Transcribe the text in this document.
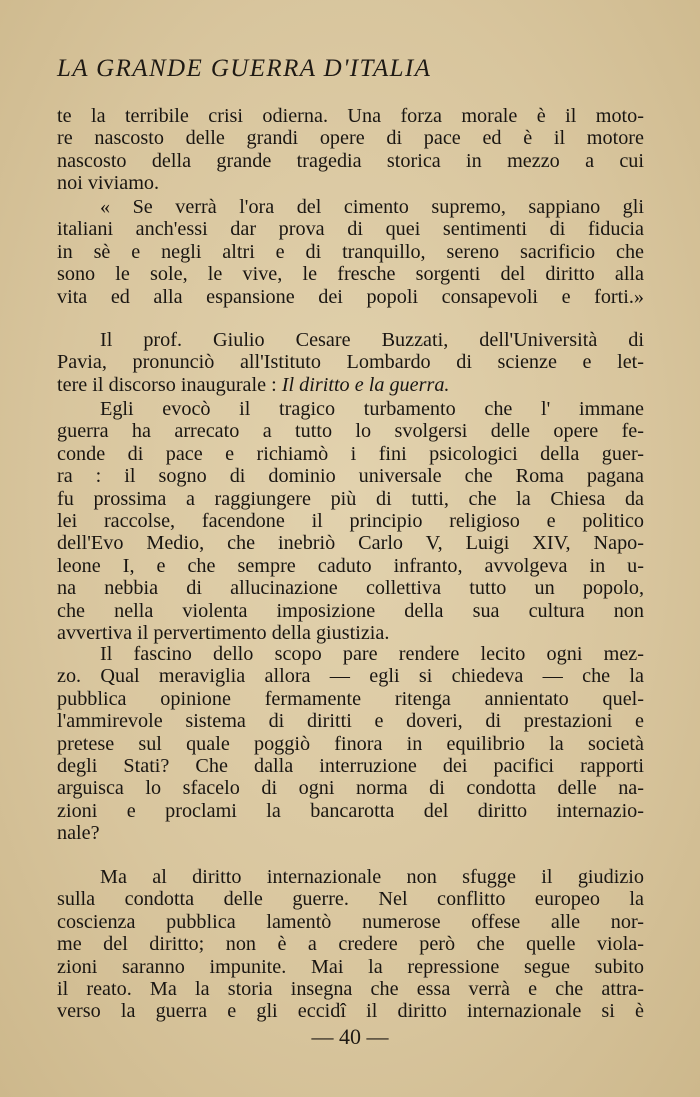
LA GRANDE GUERRA D'ITALIA
te la terribile crisi odierna. Una forza morale è il moto-
re nascosto delle grandi opere di pace ed è il motore
nascosto della grande tragedia storica in mezzo a cui
noi viviamo.
« Se verrà l'ora del cimento supremo, sappiano gli
italiani anch'essi dar prova di quei sentimenti di fiducia
in sè e negli altri e di tranquillo, sereno sacrificio che
sono le sole, le vive, le fresche sorgenti del diritto alla
vita ed alla espansione dei popoli consapevoli e forti.»
Il prof. Giulio Cesare Buzzati, dell'Università di
Pavia, pronunciò all'Istituto Lombardo di scienze e let-
tere il discorso inaugurale : Il diritto e la guerra.
Egli evocò il tragico turbamento che l' immane
guerra ha arrecato a tutto lo svolgersi delle opere fe-
conde di pace e richiamò i fini psicologici della guer-
ra : il sogno di dominio universale che Roma pagana
fu prossima a raggiungere più di tutti, che la Chiesa da
lei raccolse, facendone il principio religioso e politico
dell'Evo Medio, che inebriò Carlo V, Luigi XIV, Napo-
leone I, e che sempre caduto infranto, avvolgeva in u-
na nebbia di allucinazione collettiva tutto un popolo,
che nella violenta imposizione della sua cultura non
avvertiva il pervertimento della giustizia.
Il fascino dello scopo pare rendere lecito ogni mez-
zo. Qual meraviglia allora — egli si chiedeva — che la
pubblica opinione fermamente ritenga annientato quel-
l'ammirevole sistema di diritti e doveri, di prestazioni e
pretese sul quale poggiò finora in equilibrio la società
degli Stati? Che dalla interruzione dei pacifici rapporti
arguisca lo sfacelo di ogni norma di condotta delle na-
zioni e proclami la bancarotta del diritto internazio-
nale?
Ma al diritto internazionale non sfugge il giudizio
sulla condotta delle guerre. Nel conflitto europeo la
coscienza pubblica lamentò numerose offese alle nor-
me del diritto; non è a credere però che quelle viola-
zioni saranno impunite. Mai la repressione segue subito
il reato. Ma la storia insegna che essa verrà e che attra-
verso la guerra e gli eccidî il diritto internazionale si è
— 40 —
